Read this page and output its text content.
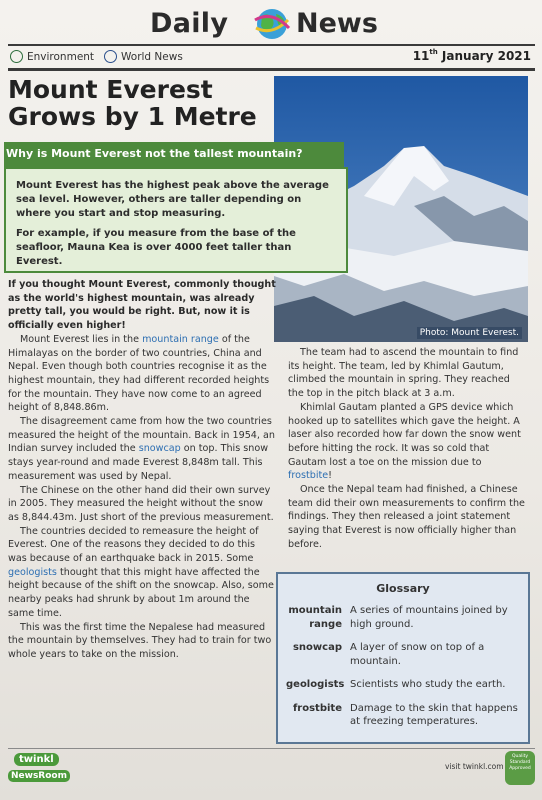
Daily	News
Environment	World News	11th January 2021
Mount Everest Grows by 1 Metre
Photo: Mount Everest.
Why is Mount Everest not the tallest mountain?

Mount Everest has the highest peak above the average sea level. However, others are taller depending on where you start and stop measuring.

For example, if you measure from the base of the seafloor, Mauna Kea is over 4000 feet taller than Everest.

If you thought Mount Everest, commonly thought as the world's highest mountain, was already pretty tall, you would be right. But, now it is officially even higher!

Mount Everest lies in the mountain range of the Himalayas on the border of two countries, China and Nepal. Even though both countries recognise it as the highest mountain, they had different recorded heights for the mountain. They have now come to an agreed height of 8,848.86m.

The disagreement came from how the two countries measured the height of the mountain. Back in 1954, an Indian survey included the snowcap on top. This snow stays year-round and made Everest 8,848m tall. This measurement was used by Nepal.

The Chinese on the other hand did their own survey in 2005. They measured the height without the snow as 8,844.43m. Just short of the previous measurement.

The countries decided to remeasure the height of Everest. One of the reasons they decided to do this was because of an earthquake back in 2015. Some geologists thought that this might have affected the height because of the shift on the snowcap. Also, some nearby peaks had shrunk by about 1m around the same time.

This was the first time the Nepalese had measured the mountain by themselves. They had to train for two whole years to take on the mission.

The team had to ascend the mountain to find its height. The team, led by Khimlal Gautum, climbed the mountain in spring. They reached the top in the pitch black at 3 a.m.

Khimlal Gautam planted a GPS device which hooked up to satellites which gave the height. A laser also recorded how far down the snow went before hitting the rock. It was so cold that Gautam lost a toe on the mission due to frostbite!

Once the Nepal team had finished, a Chinese team did their own measurements to confirm the findings. They then released a joint statement saying that Everest is now officially higher than before.

Glossary
mountain range
A series of mountains joined by high ground.
snowcap A layer of snow on top of a mountain.
geologists Scientists who study the earth.
frostbite Damage to the skin that happens at freezing temperatures.
twinkl
NewsRoom
visit twinkl.com
Quality Standard Approved
